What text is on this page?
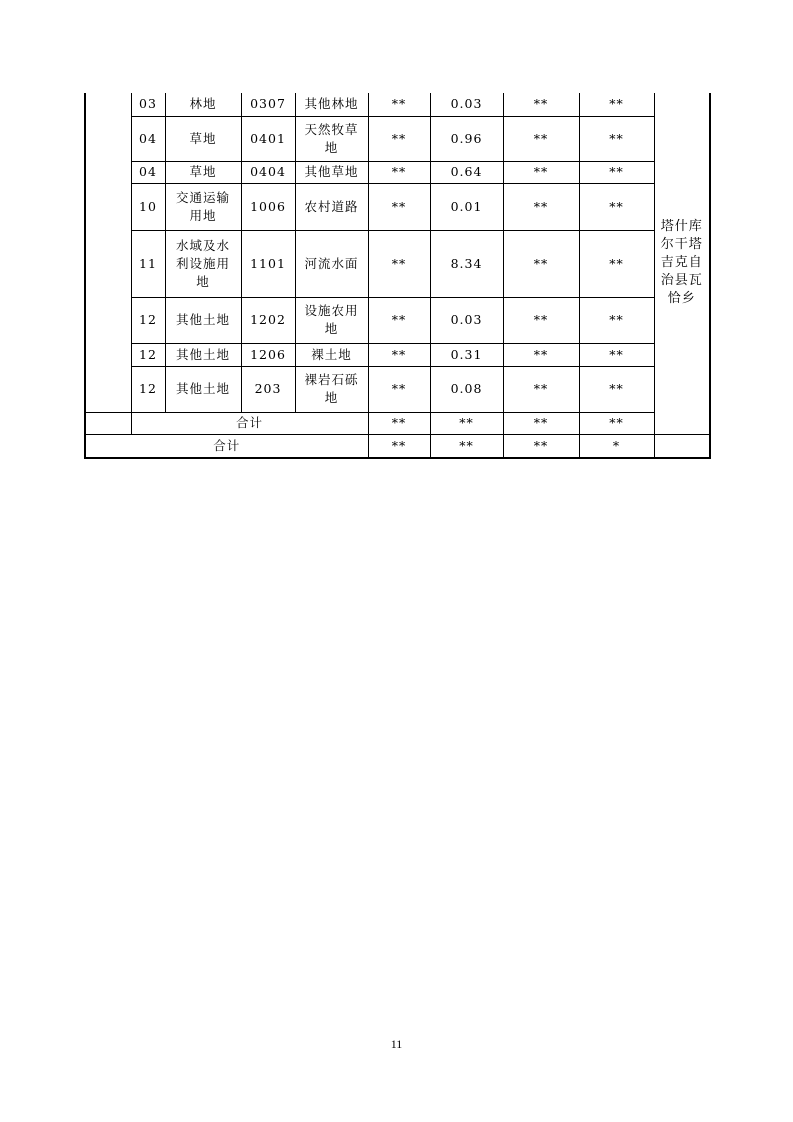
	03	林地	0307	其他林地	**	0.03	**	**	塔什库尔干塔吉克自治县瓦恰乡
	04	草地	0401	天然牧草地	**	0.96	**	**	
	04	草地	0404	其他草地	**	0.64	**	**	
	10	交通运输用地	1006	农村道路	**	0.01	**	**	
	11	水域及水利设施用地	1101	河流水面	**	8.34	**	**	
	12	其他土地	1202	设施农用地	**	0.03	**	**	
	12	其他土地	1206	裸土地	**	0.31	**	**	
	12	其他土地	203	裸岩石砾地	**	0.08	**	**	
	合计				**	**	**	**	
合计					**	**	**	*	
11
